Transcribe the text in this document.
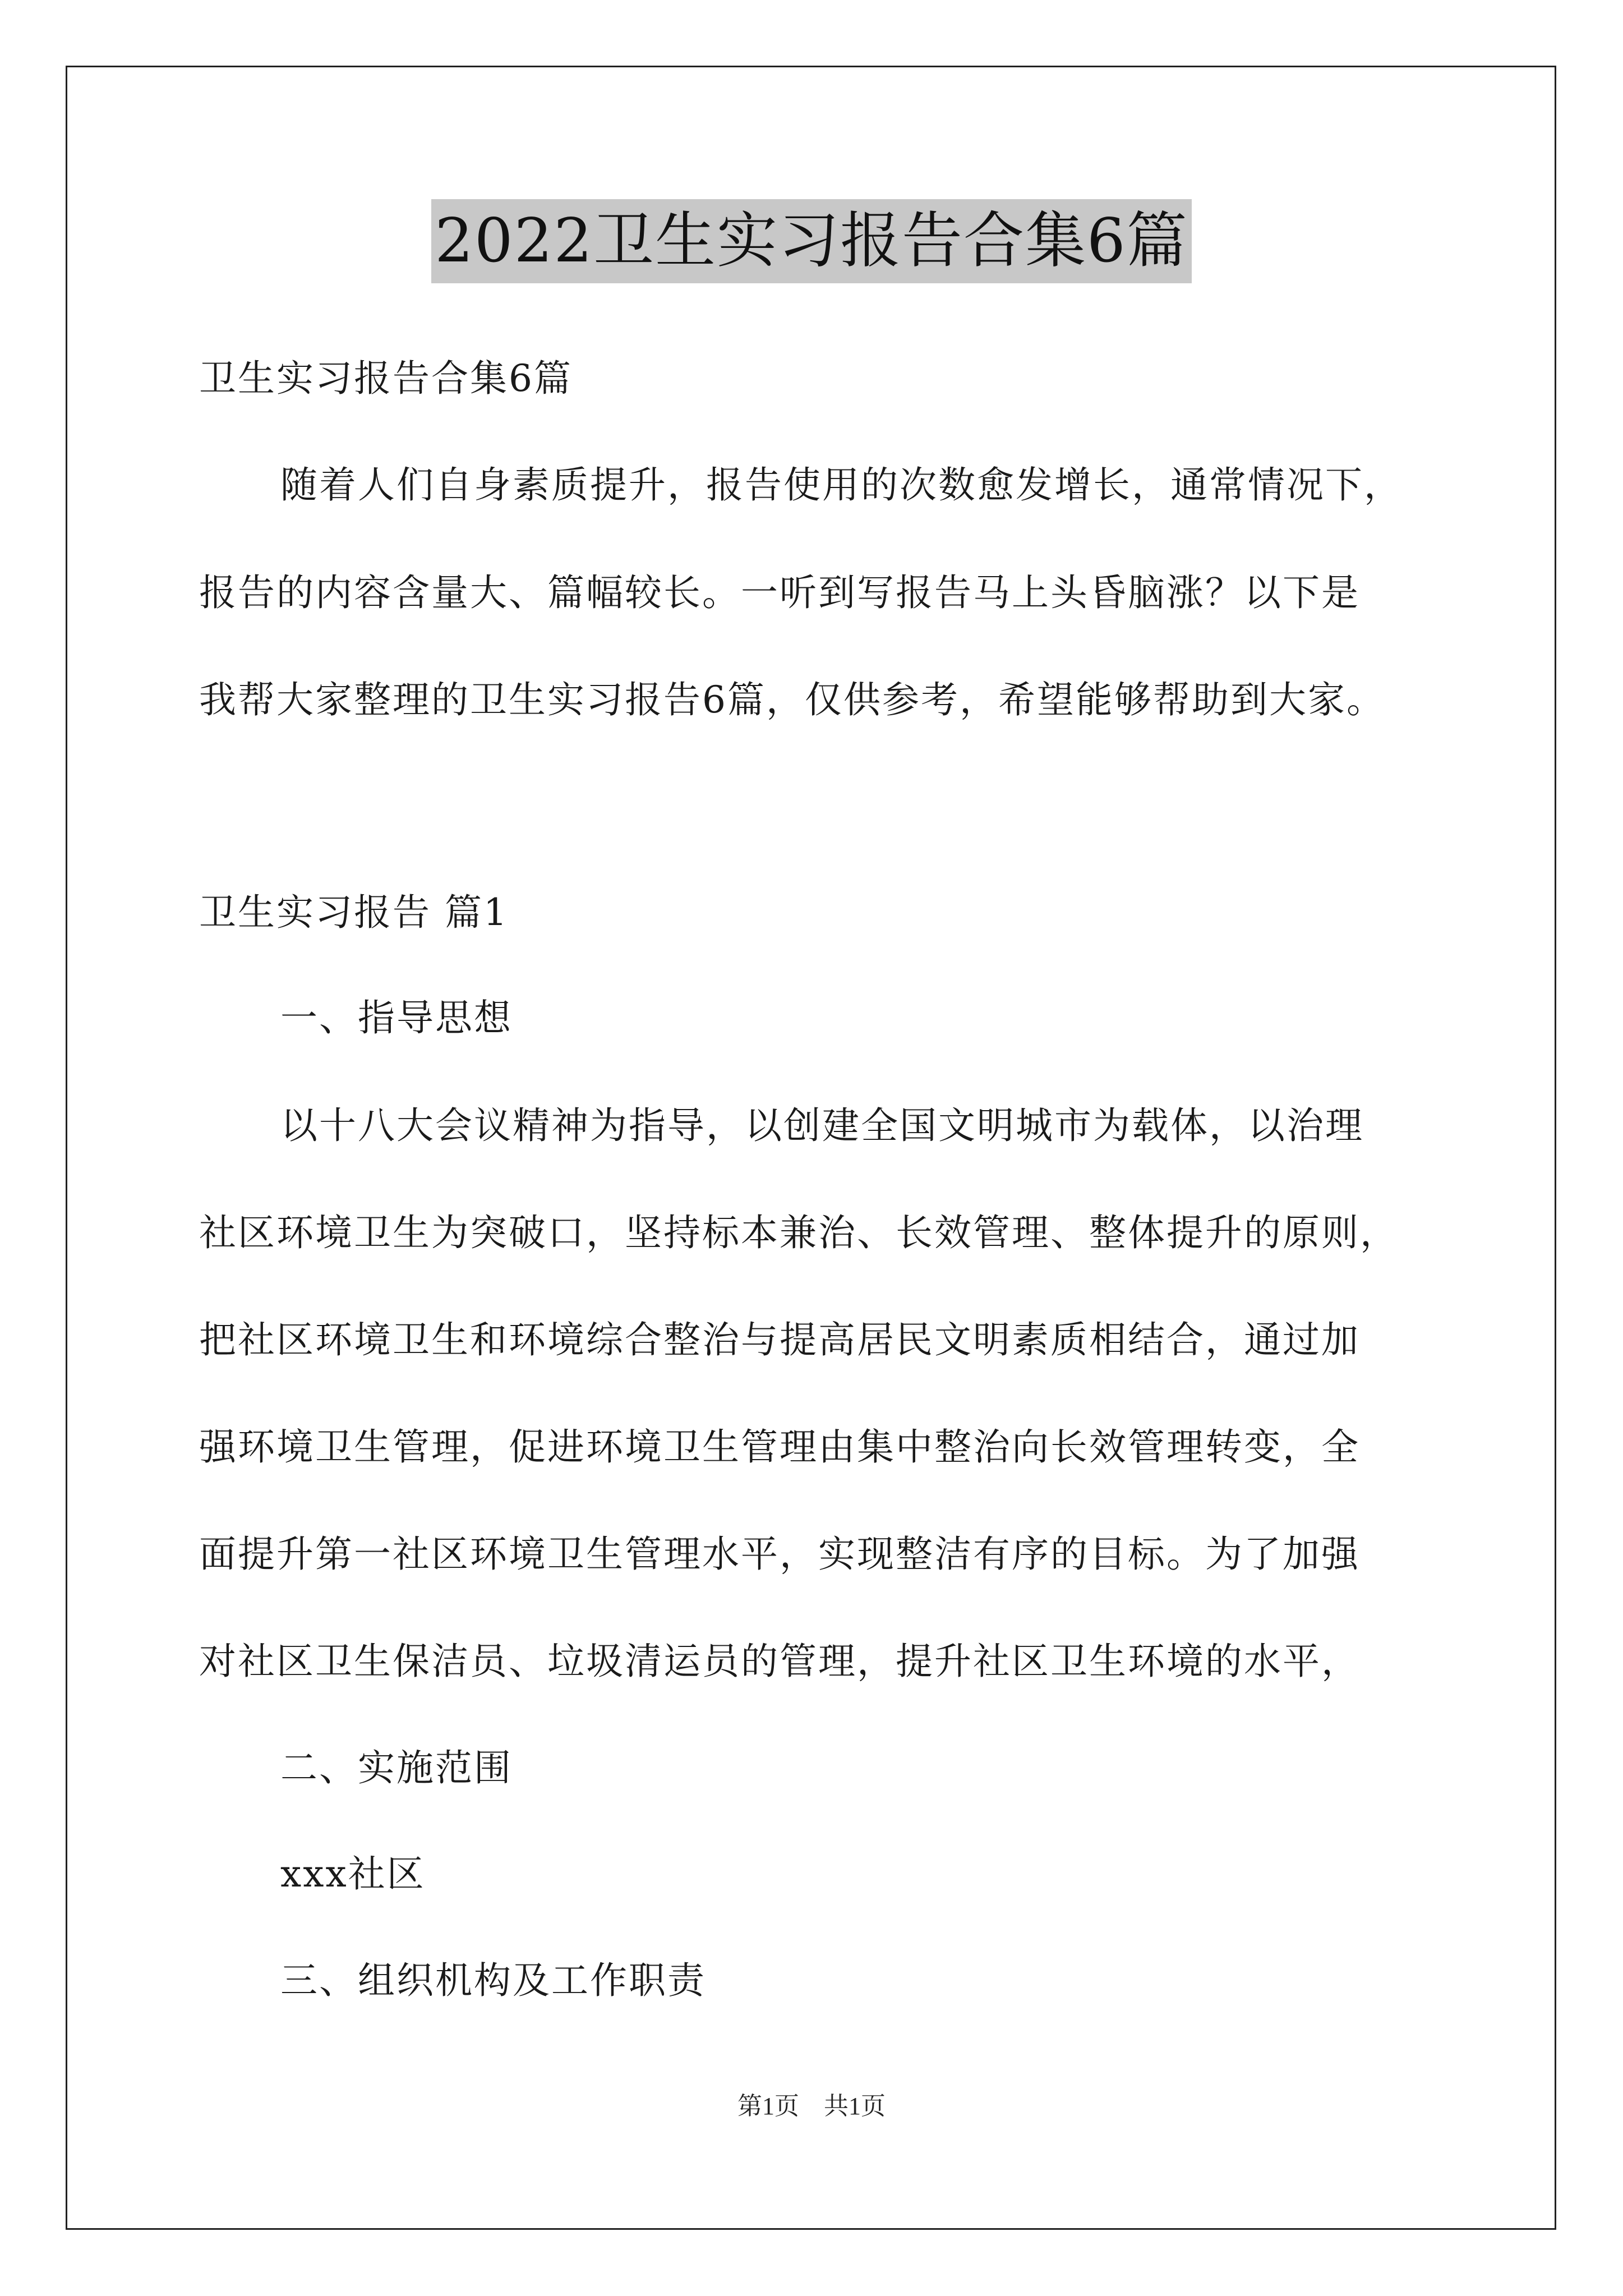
2022卫生实习报告合集6篇
卫生实习报告合集6篇
随着人们自身素质提升，报告使用的次数愈发增长，通常情况下，
报告的内容含量大、篇幅较长。一听到写报告马上头昏脑涨？以下是
我帮大家整理的卫生实习报告6篇，仅供参考，希望能够帮助到大家。
卫生实习报告 篇1
一、指导思想
以十八大会议精神为指导，以创建全国文明城市为载体，以治理
社区环境卫生为突破口，坚持标本兼治、长效管理、整体提升的原则，
把社区环境卫生和环境综合整治与提高居民文明素质相结合，通过加
强环境卫生管理，促进环境卫生管理由集中整治向长效管理转变，全
面提升第一社区环境卫生管理水平，实现整洁有序的目标。为了加强
对社区卫生保洁员、垃圾清运员的管理，提升社区卫生环境的水平，
二、实施范围
xxx社区
三、组织机构及工作职责
第1页 共1页
